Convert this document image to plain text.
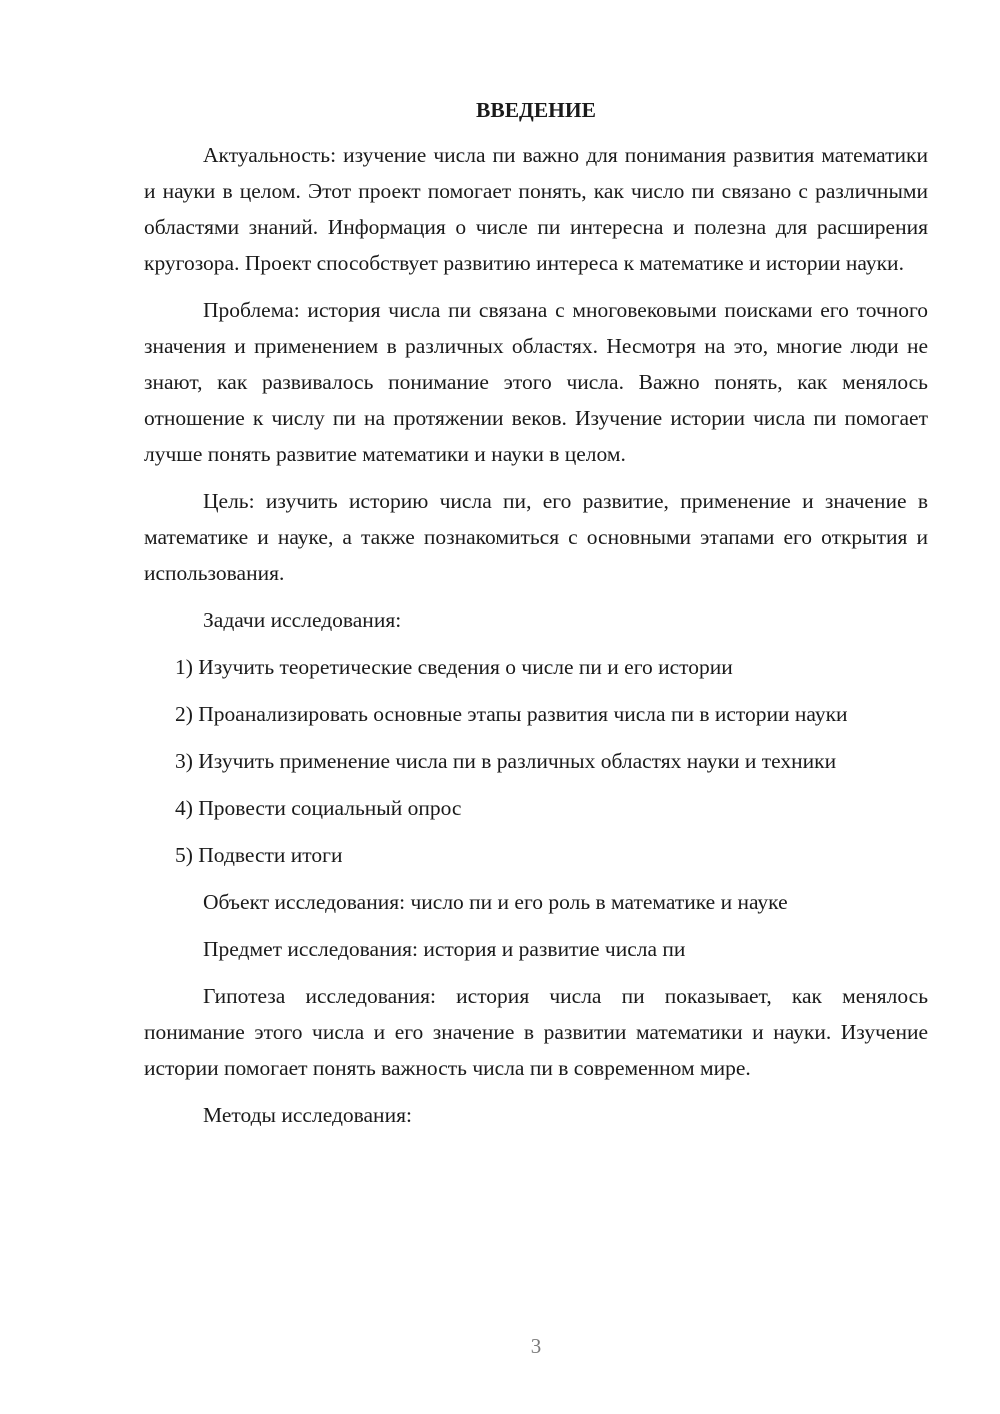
ВВЕДЕНИЕ

Актуальность: изучение числа пи важно для понимания развития математики и науки в целом. Этот проект помогает понять, как число пи связано с различными областями знаний. Информация о числе пи интересна и полезна для расширения кругозора. Проект способствует развитию интереса к математике и истории науки.

Проблема: история числа пи связана с многовековыми поисками его точного значения и применением в различных областях. Несмотря на это, многие люди не знают, как развивалось понимание этого числа. Важно понять, как менялось отношение к числу пи на протяжении веков. Изучение истории числа пи помогает лучше понять развитие математики и науки в целом.

Цель: изучить историю числа пи, его развитие, применение и значение в математике и науке, а также познакомиться с основными этапами его открытия и использования.

Задачи исследования:

1) Изучить теоретические сведения о числе пи и его истории

2) Проанализировать основные этапы развития числа пи в истории науки

3) Изучить применение числа пи в различных областях науки и техники

4) Провести социальный опрос

5) Подвести итоги

Объект исследования: число пи и его роль в математике и науке

Предмет исследования: история и развитие числа пи

Гипотеза исследования: история числа пи показывает, как менялось понимание этого числа и его значение в развитии математики и науки. Изучение истории помогает понять важность числа пи в современном мире.

Методы исследования:

3
